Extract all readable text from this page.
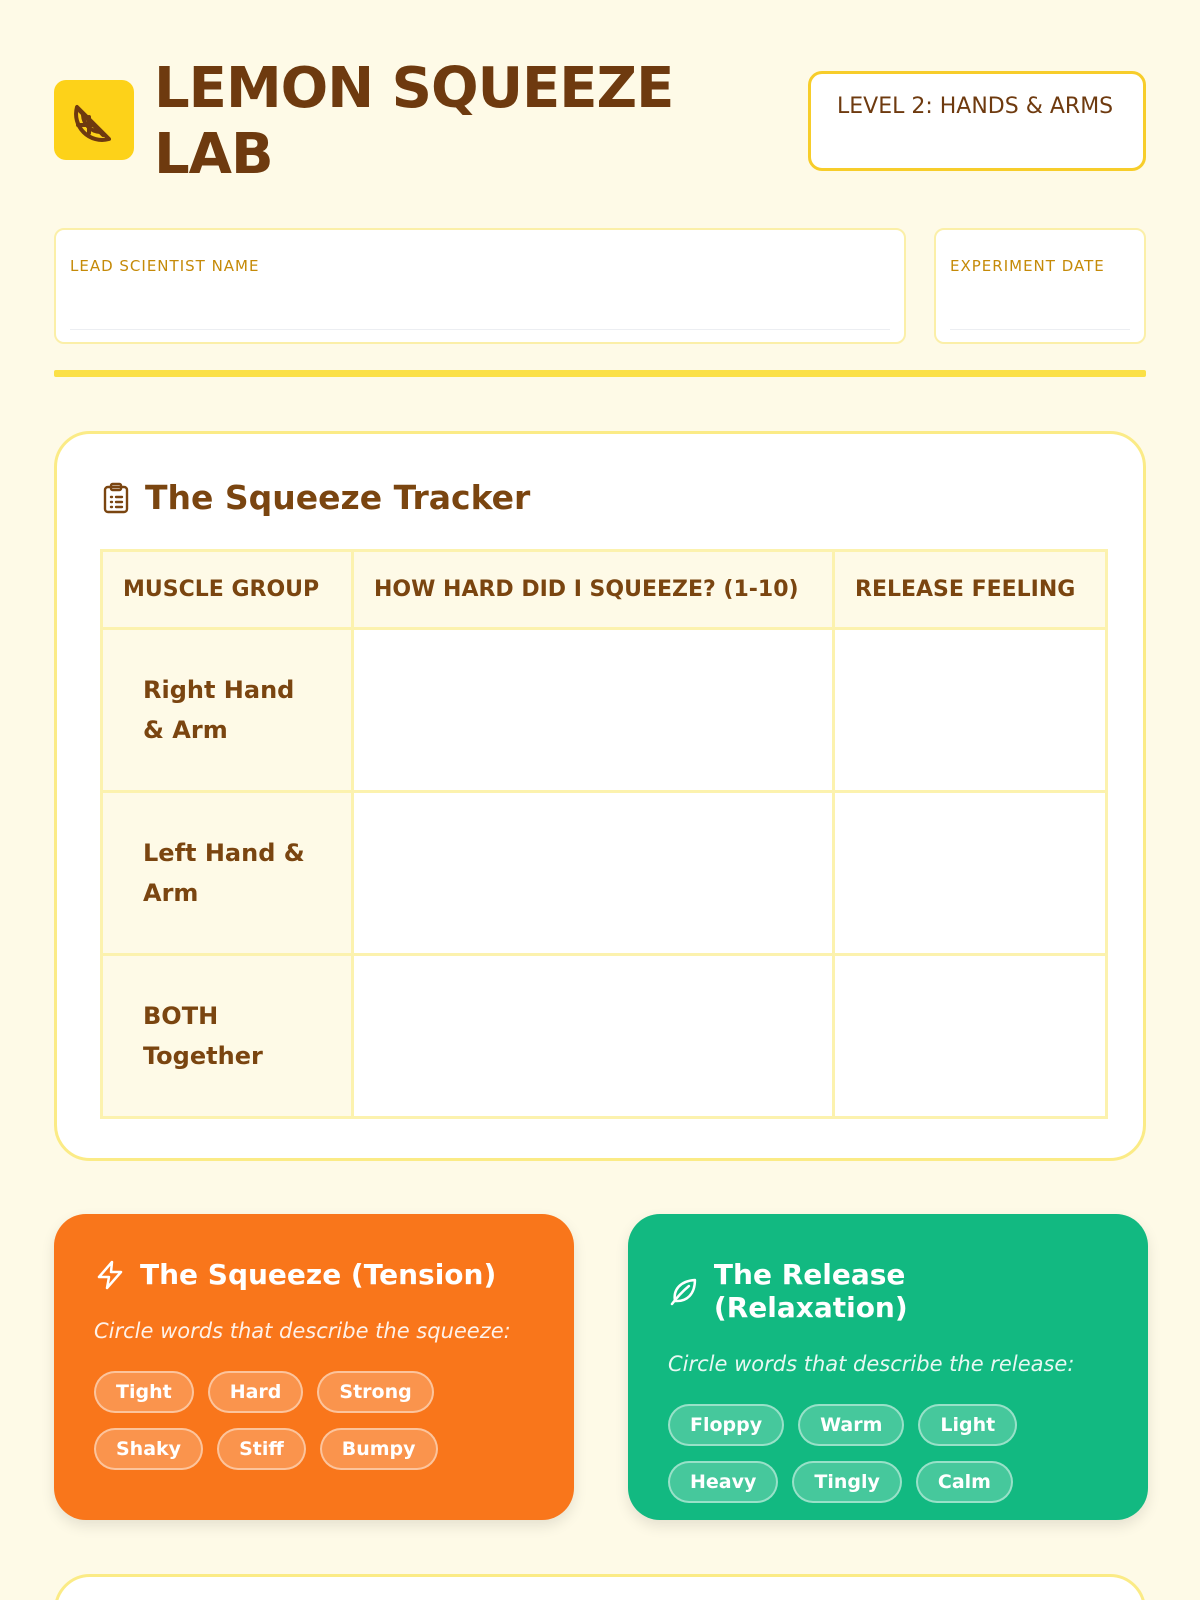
LEMON SQUEEZE LAB
LEVEL 2: HANDS & ARMS
LEAD SCIENTIST NAME	EXPERIMENT DATE
The Squeeze Tracker
MUSCLE GROUP	HOW HARD DID I SQUEEZE? (1-10)	RELEASE FEELING
Right Hand & Arm		
Left Hand & Arm		
BOTH Together		
The Squeeze (Tension)
Circle words that describe the squeeze:
Tight	Hard	Strong
Shaky	Stiff	Bumpy
The Release (Relaxation)
Circle words that describe the release:
Floppy	Warm	Light
Heavy	Tingly	Calm
